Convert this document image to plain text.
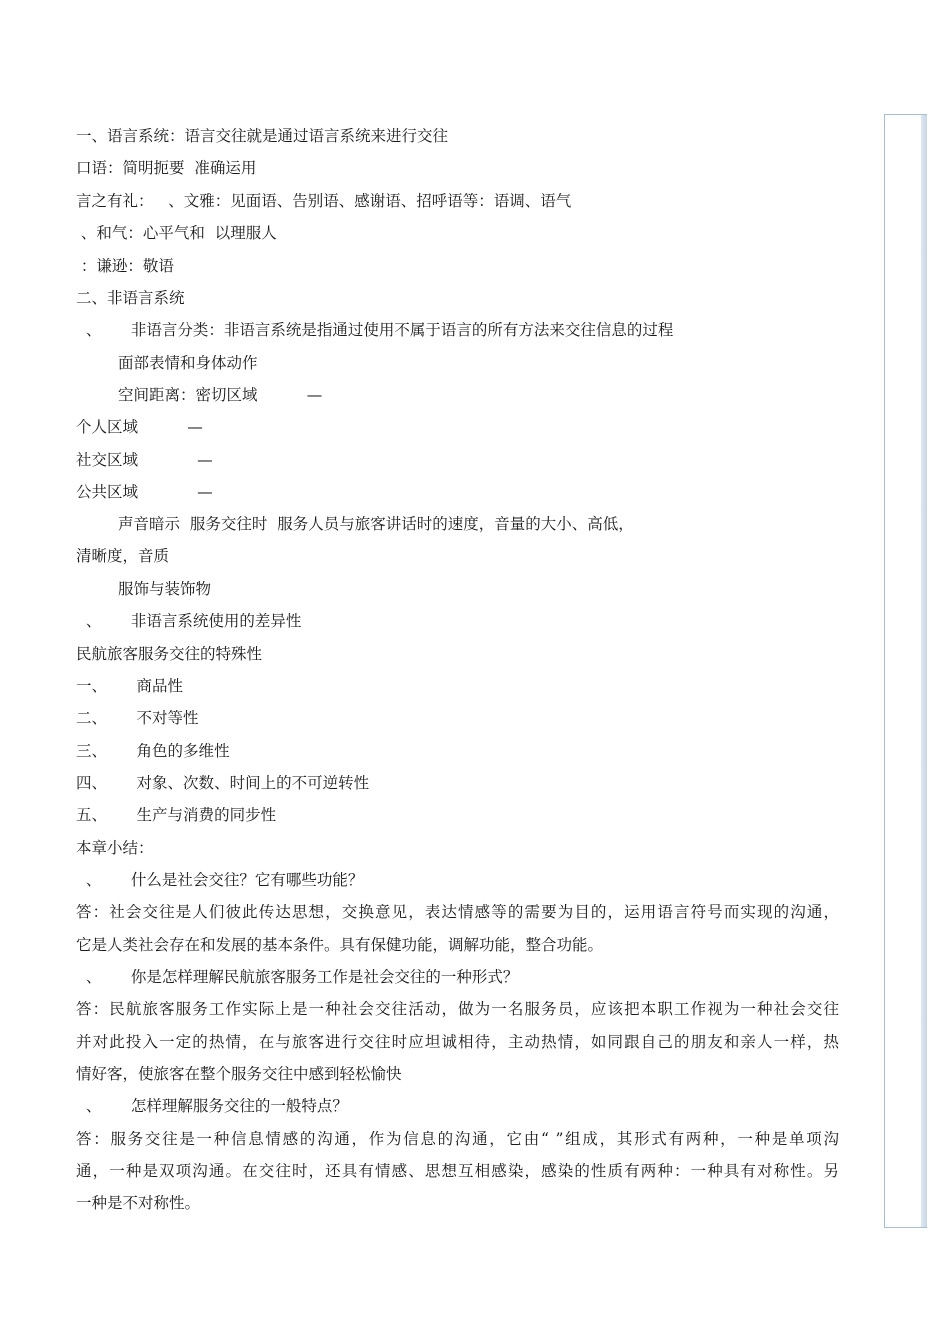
一、语言系统：语言交往就是通过语言系统来进行交往
口语：简明扼要  准确运用
言之有礼：   、文雅：见面语、告别语、感谢语、招呼语等：语调、语气
、和气：心平气和  以理服人
：谦逊：敬语
二、非语言系统
、      非语言分类：非语言系统是指通过使用不属于语言的所有方法来交往信息的过程
面部表情和身体动作
空间距离：密切区域          —
个人区域          —
社交区域            —
公共区域            —
声音暗示  服务交往时  服务人员与旅客讲话时的速度，音量的大小、高低，
清晰度，音质
服饰与装饰物
、      非语言系统使用的差异性
民航旅客服务交往的特殊性
一、      商品性
二、      不对等性
三、      角色的多维性
四、      对象、次数、时间上的不可逆转性
五、      生产与消费的同步性
本章小结：
、      什么是社会交往？它有哪些功能？
答：社会交往是人们彼此传达思想，交换意见，表达情感等的需要为目的，运用语言符号而实现的沟通，
它是人类社会存在和发展的基本条件。具有保健功能，调解功能，整合功能。
、      你是怎样理解民航旅客服务工作是社会交往的一种形式？
答：民航旅客服务工作实际上是一种社会交往活动，做为一名服务员，应该把本职工作视为一种社会交往
并对此投入一定的热情，在与旅客进行交往时应坦诚相待，主动热情，如同跟自己的朋友和亲人一样，热
情好客，使旅客在整个服务交往中感到轻松愉快
、      怎样理解服务交往的一般特点？
答：服务交往是一种信息情感的沟通，作为信息的沟通，它由“ ”组成，其形式有两种，一种是单项沟
通，一种是双项沟通。在交往时，还具有情感、思想互相感染，感染的性质有两种：一种具有对称性。另
一种是不对称性。
